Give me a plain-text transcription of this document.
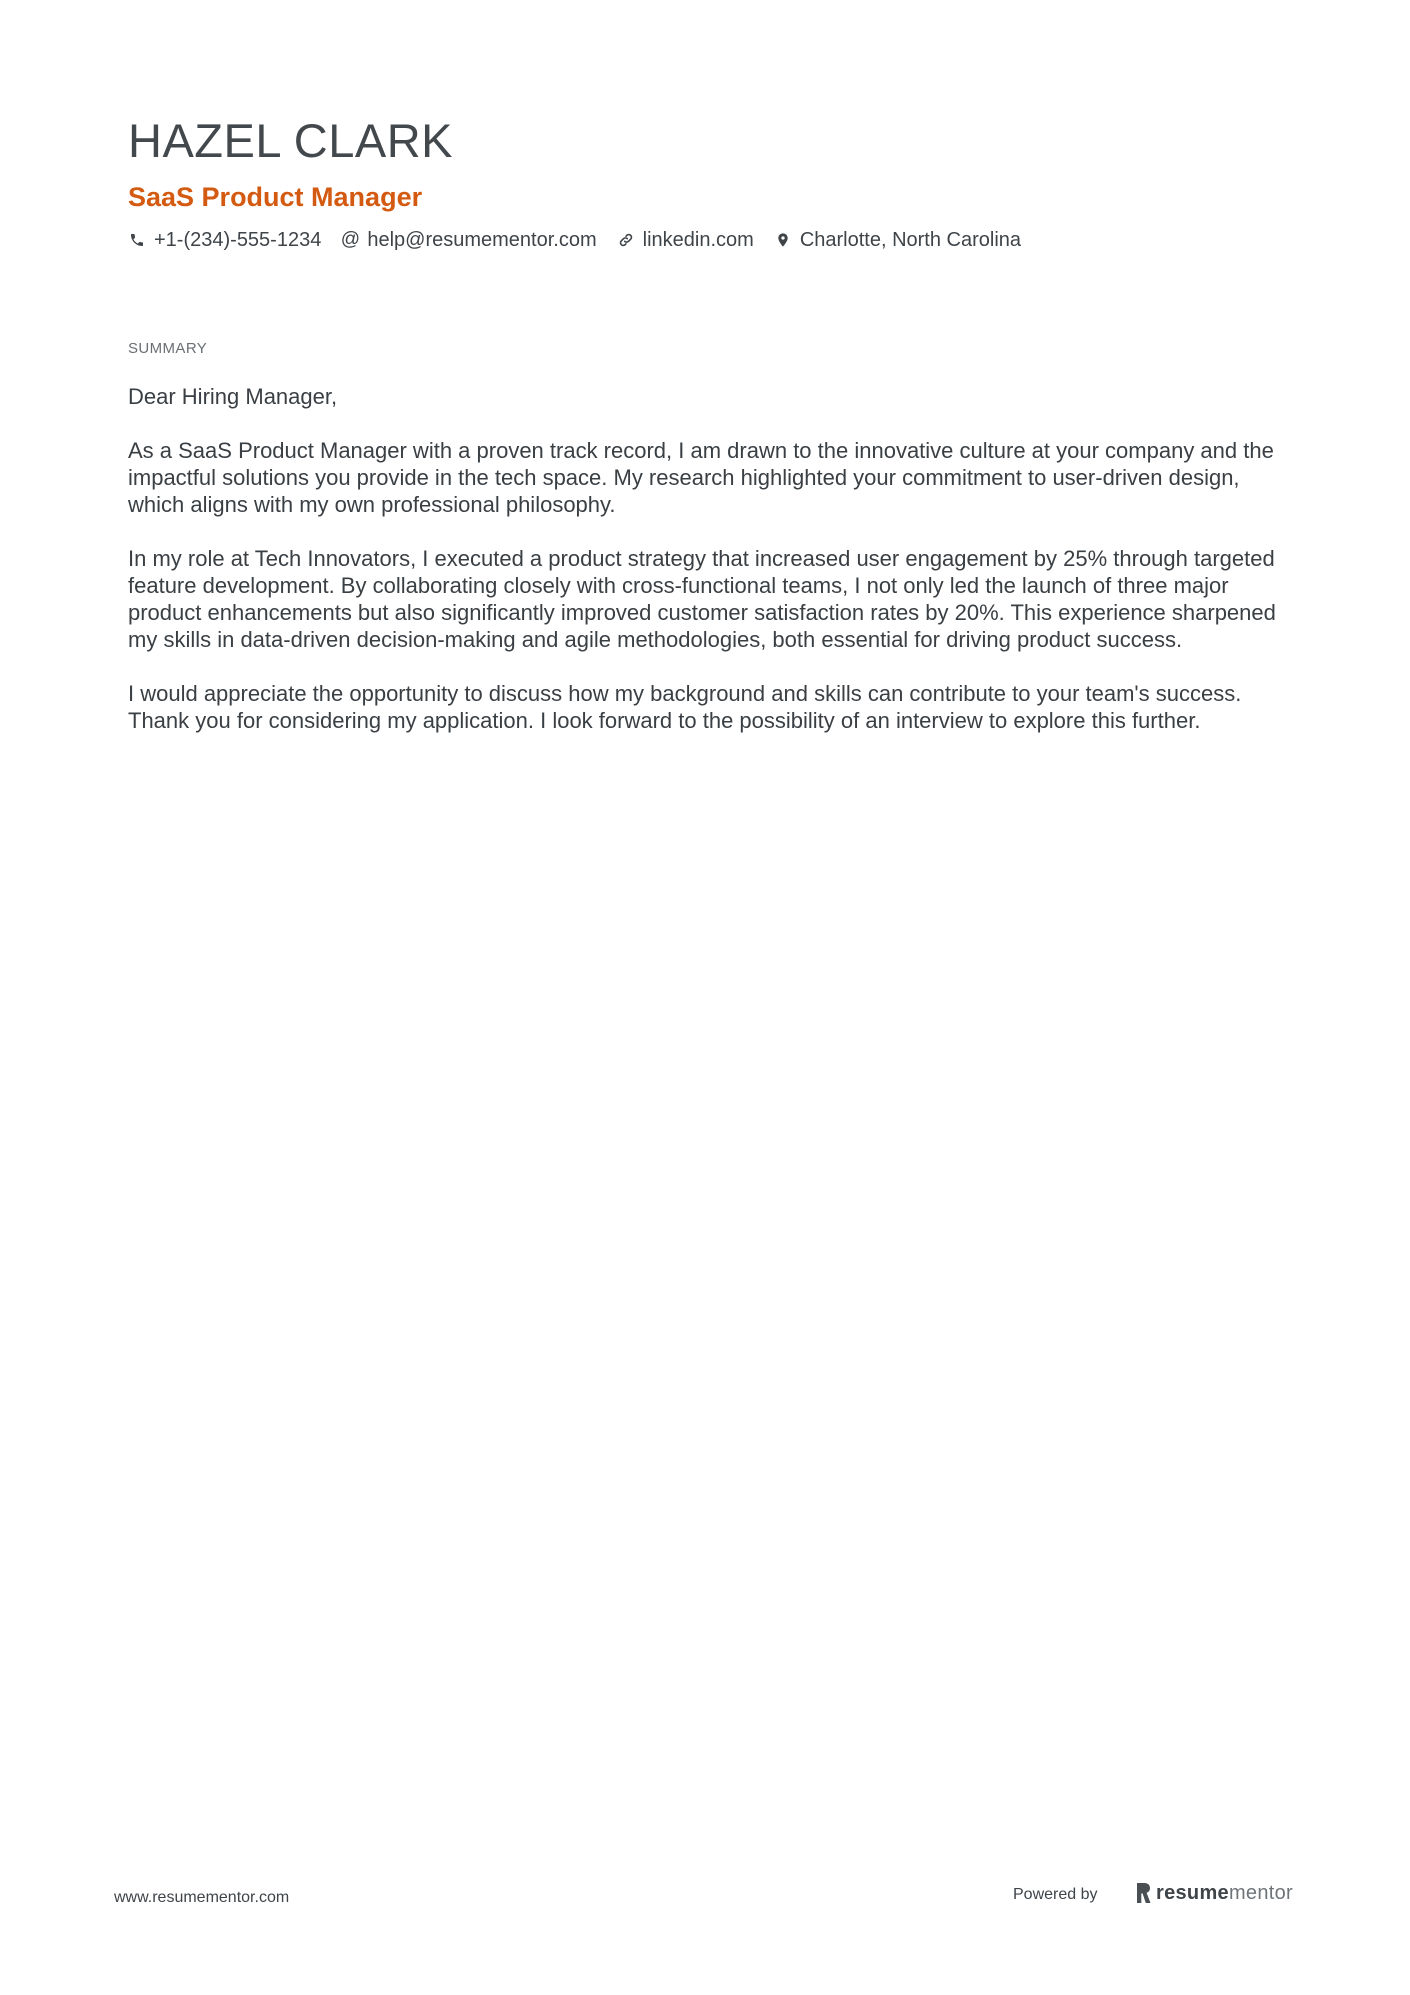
HAZEL CLARK
SaaS Product Manager
+1-(234)-555-1234 @ help@resumementor.com linkedin.com Charlotte, North Carolina
SUMMARY

Dear Hiring Manager,

As a SaaS Product Manager with a proven track record, I am drawn to the innovative culture at your company and the impactful solutions you provide in the tech space. My research highlighted your commitment to user-driven design, which aligns with my own professional philosophy.

In my role at Tech Innovators, I executed a product strategy that increased user engagement by 25% through targeted feature development. By collaborating closely with cross-functional teams, I not only led the launch of three major product enhancements but also significantly improved customer satisfaction rates by 20%. This experience sharpened my skills in data-driven decision-making and agile methodologies, both essential for driving product success.

I would appreciate the opportunity to discuss how my background and skills can contribute to your team's success. Thank you for considering my application. I look forward to the possibility of an interview to explore this further.

www.resumementor.com	Powered by	resumementor
